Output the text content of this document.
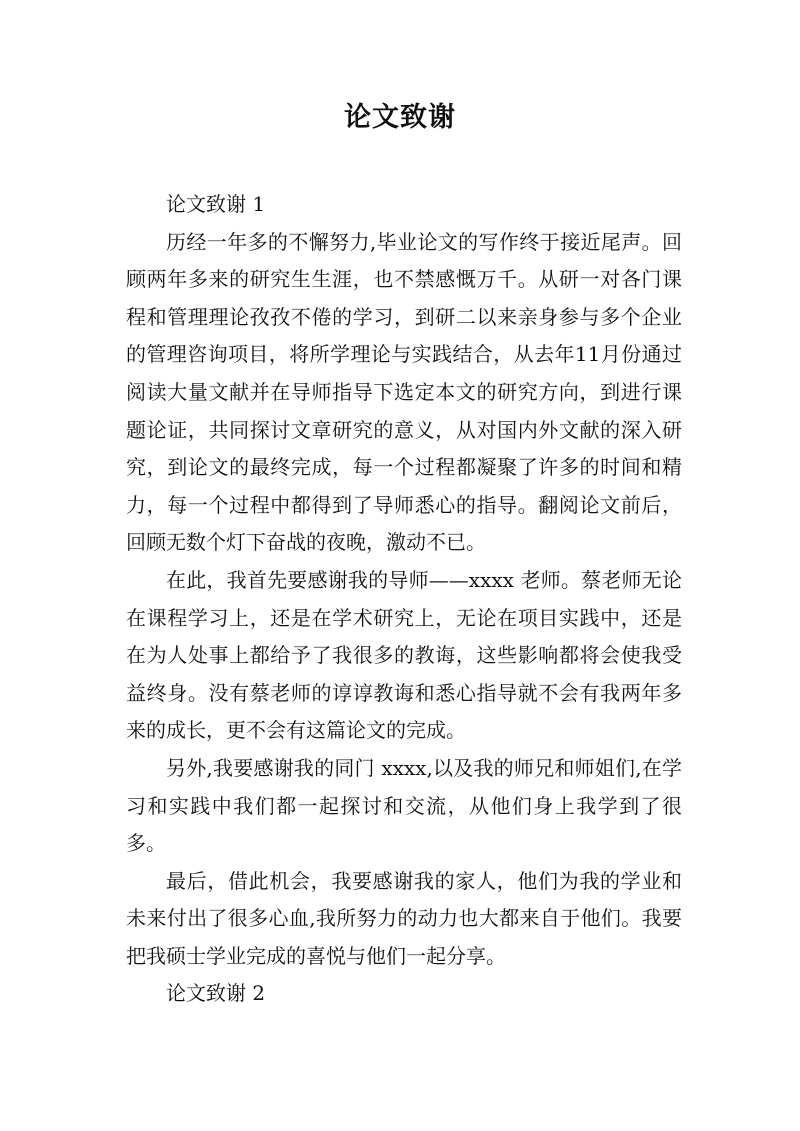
论文致谢

论文致谢 1

历经一年多的不懈努力,毕业论文的写作终于接近尾声。回顾两年多来的研究生生涯，也不禁感慨万千。从研一对各门课程和管理理论孜孜不倦的学习，到研二以来亲身参与多个企业的管理咨询项目，将所学理论与实践结合，从去年11月份通过阅读大量文献并在导师指导下选定本文的研究方向，到进行课题论证，共同探讨文章研究的意义，从对国内外文献的深入研究，到论文的最终完成，每一个过程都凝聚了许多的时间和精力，每一个过程中都得到了导师悉心的指导。翻阅论文前后，回顾无数个灯下奋战的夜晚，激动不已。

在此，我首先要感谢我的导师——xxxx 老师。蔡老师无论在课程学习上，还是在学术研究上，无论在项目实践中，还是在为人处事上都给予了我很多的教诲，这些影响都将会使我受益终身。没有蔡老师的谆谆教诲和悉心指导就不会有我两年多来的成长，更不会有这篇论文的完成。

另外,我要感谢我的同门 xxxx,以及我的师兄和师姐们,在学习和实践中我们都一起探讨和交流，从他们身上我学到了很多。

最后，借此机会，我要感谢我的家人，他们为我的学业和未来付出了很多心血,我所努力的动力也大都来自于他们。我要把我硕士学业完成的喜悦与他们一起分享。

论文致谢 2
